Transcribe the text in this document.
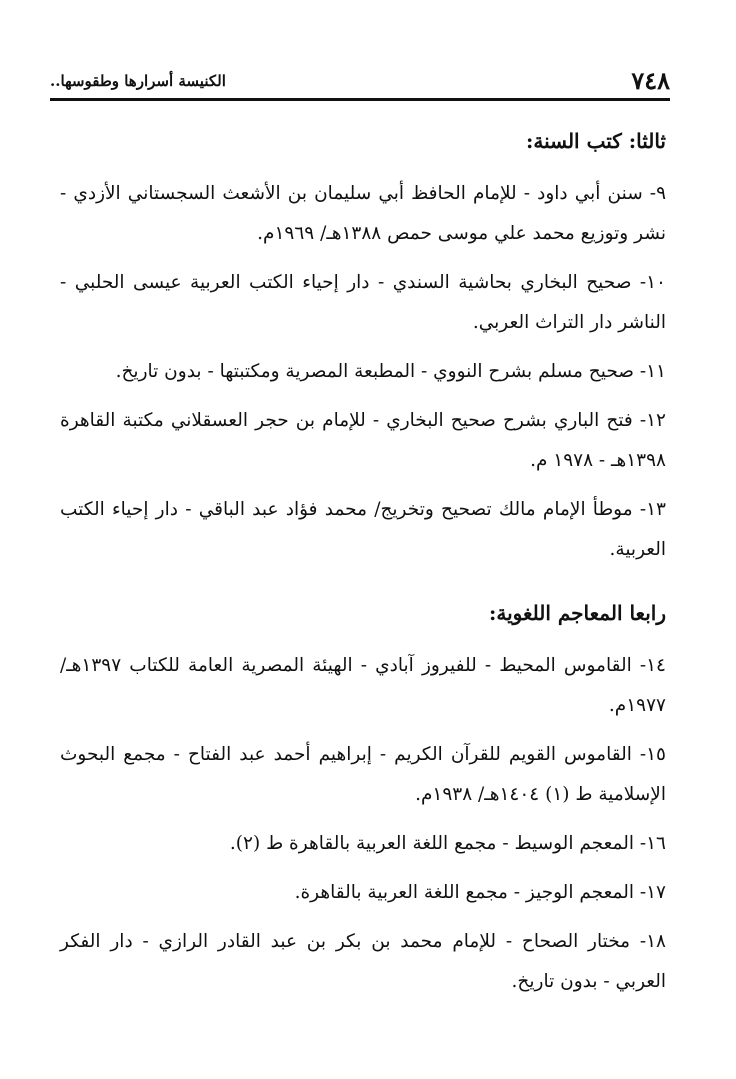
الكنيسة أسرارها وطقوسها..	٧٤٨
ثالثا: كتب السنة:
٩- سنن أبي داود - للإمام الحافظ أبي سليمان بن الأشعث السجستاني الأزدي - نشر وتوزيع محمد علي موسى حمص ١٣٨٨هـ/ ١٩٦٩م.
١٠- صحيح البخاري بحاشية السندي - دار إحياء الكتب العربية عيسى الحلبي - الناشر دار التراث العربي.
١١- صحيح مسلم بشرح النووي - المطبعة المصرية ومكتبتها - بدون تاريخ.
١٢- فتح الباري بشرح صحيح البخاري - للإمام بن حجر العسقلاني مكتبة القاهرة ١٣٩٨هـ - ١٩٧٨ م.
١٣- موطأ الإمام مالك تصحيح وتخريج/ محمد فؤاد عبد الباقي - دار إحياء الكتب العربية.
رابعا المعاجم اللغوية:
١٤- القاموس المحيط - للفيروز آبادي - الهيئة المصرية العامة للكتاب ١٣٩٧هـ/ ١٩٧٧م.
١٥- القاموس القويم للقرآن الكريم - إبراهيم أحمد عبد الفتاح - مجمع البحوث الإسلامية ط (١) ١٤٠٤هـ/ ١٩٣٨م.
١٦- المعجم الوسيط - مجمع اللغة العربية بالقاهرة ط (٢).
١٧- المعجم الوجيز - مجمع اللغة العربية بالقاهرة.
١٨- مختار الصحاح - للإمام محمد بن بكر بن عبد القادر الرازي - دار الفكر العربي - بدون تاريخ.
